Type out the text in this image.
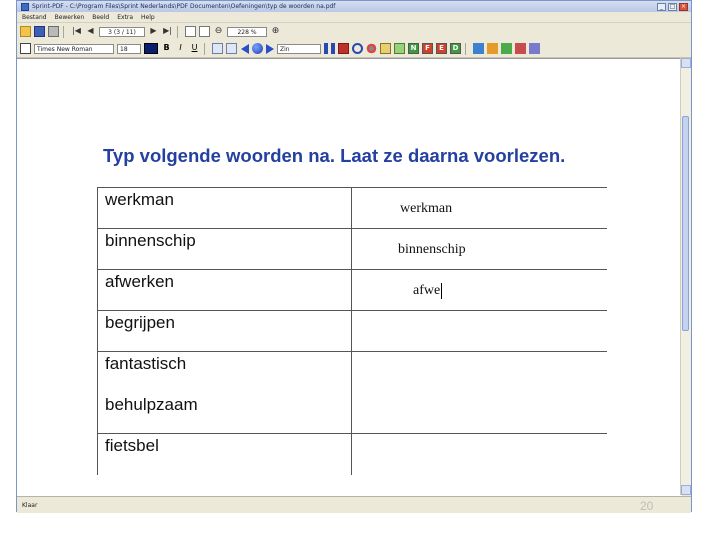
Sprint-PDF - C:\Program Files\Sprint Nederlands\PDF Documenten\Oefeningen\typ de woorden na.pdf	_	□ ×
Bestand Bewerken Beeld Extra Help
|◀ ◀	3 (3 / 11)	▶ ▶|	⊖	228 %	⊕
Times New Roman	18	B	I	U	Zin	N	F	E	D
Typ volgende woorden na. Laat ze daarna voorlezen.
werkman	werkman
binnenschip	binnenschip
afwerken	afwe
begrijpen	
fantastisch	
behulpzaam	
fietsbel	
Klaar	20
